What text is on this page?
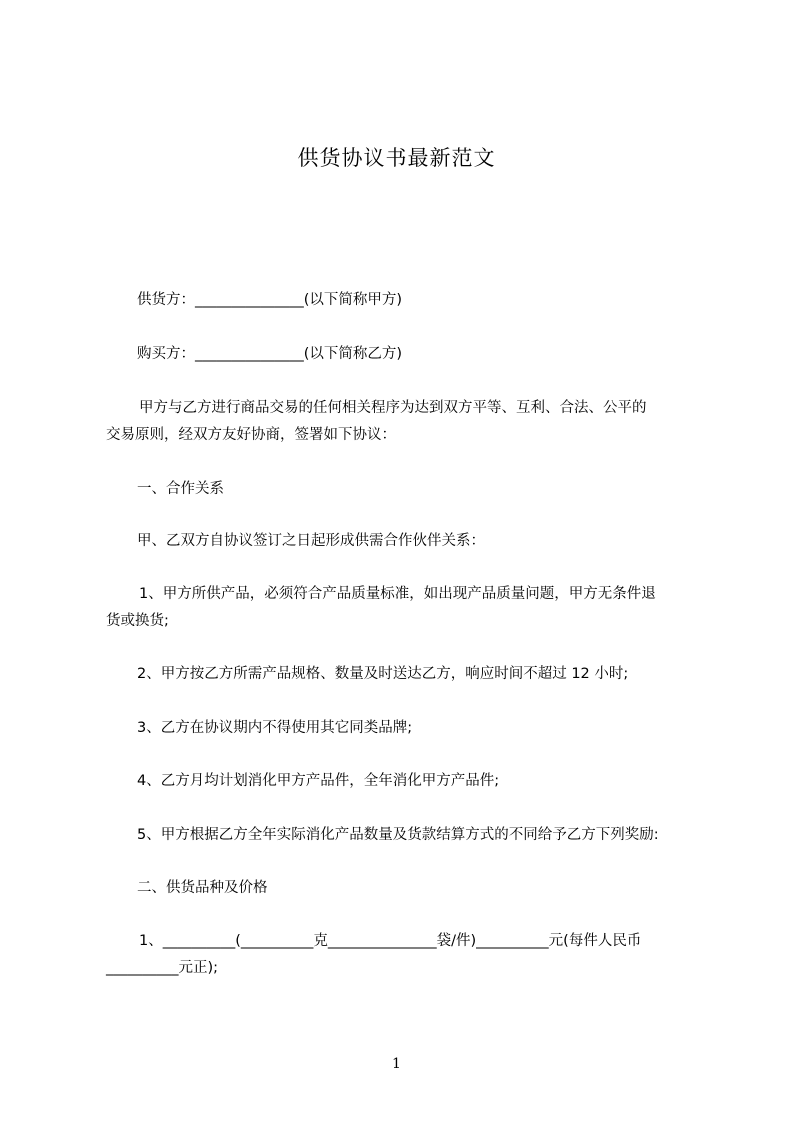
供货协议书最新范文
供货方：_______________(以下简称甲方)
购买方：_______________(以下简称乙方)
甲方与乙方进行商品交易的任何相关程序为达到双方平等、互利、合法、公平的
交易原则，经双方友好协商，签署如下协议：
一、合作关系
甲、乙双方自协议签订之日起形成供需合作伙伴关系：
1、甲方所供产品，必须符合产品质量标准，如出现产品质量问题，甲方无条件退
货或换货;
2、甲方按乙方所需产品规格、数量及时送达乙方，响应时间不超过 12 小时;
3、乙方在协议期内不得使用其它同类品牌;
4、乙方月均计划消化甲方产品件，全年消化甲方产品件;
5、甲方根据乙方全年实际消化产品数量及货款结算方式的不同给予乙方下列奖励:
二、供货品种及价格
1、__________(__________克_______________袋/件)__________元(每件人民币
__________元正);
1
